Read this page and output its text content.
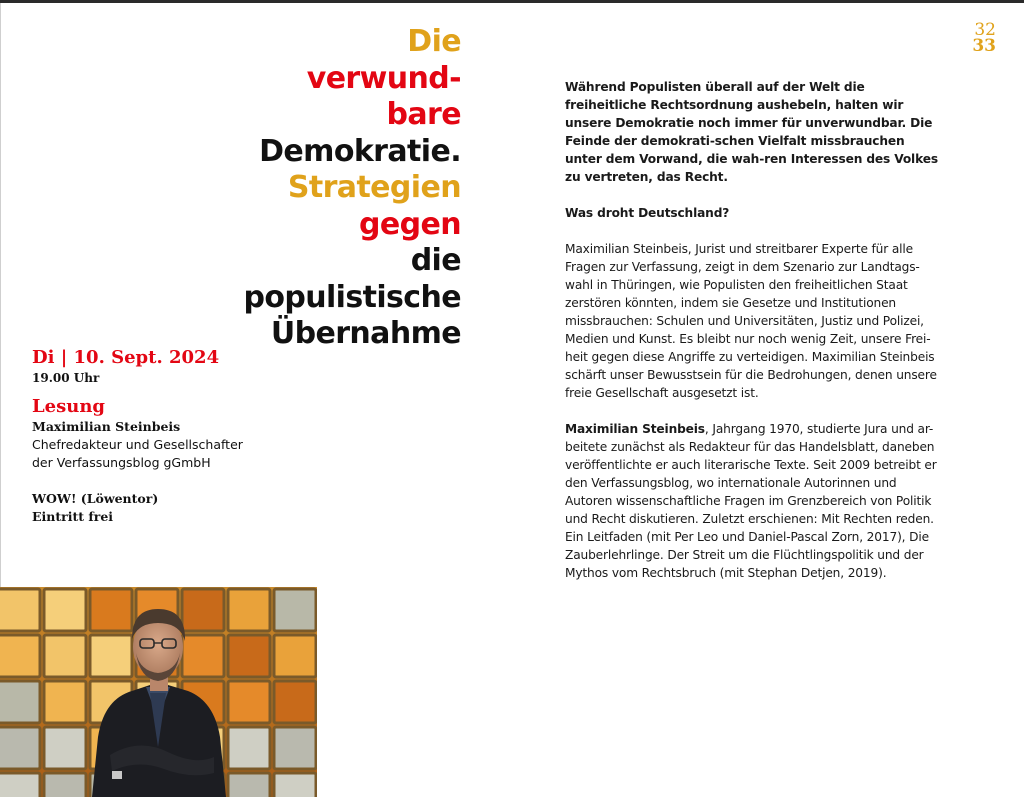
32
33
Die
verwund-
bare
Demokratie.
Strategien
gegen
die
populistische
Übernahme
Di | 10. Sept. 2024
19.00 Uhr
Lesung
Maximilian Steinbeis
Chefredakteur und Gesellschafter
der Verfassungsblog gGmbH
WOW! (Löwentor)
Eintritt frei

Während Populisten überall auf der Welt die freiheitliche Rechtsordnung aushebeln, halten wir unsere Demokratie noch immer für unverwundbar. Die Feinde der demokrati-schen Vielfalt missbrauchen unter dem Vorwand, die wah-ren Interessen des Volkes zu vertreten, das Recht.

Was droht Deutschland?

Maximilian Steinbeis, Jurist und streitbarer Experte für alle Fragen zur Verfassung, zeigt in dem Szenario zur Landtags-wahl in Thüringen, wie Populisten den freiheitlichen Staat zerstören könnten, indem sie Gesetze und Institutionen missbrauchen: Schulen und Universitäten, Justiz und Polizei, Medien und Kunst. Es bleibt nur noch wenig Zeit, unsere Frei-heit gegen diese Angriffe zu verteidigen. Maximilian Steinbeis schärft unser Bewusstsein für die Bedrohungen, denen unsere freie Gesellschaft ausgesetzt ist.

Maximilian Steinbeis, Jahrgang 1970, studierte Jura und ar-beitete zunächst als Redakteur für das Handelsblatt, daneben veröffentlichte er auch literarische Texte. Seit 2009 betreibt er den Verfassungsblog, wo internationale Autorinnen und Autoren wissenschaftliche Fragen im Grenzbereich von Politik und Recht diskutieren. Zuletzt erschienen: Mit Rechten reden. Ein Leitfaden (mit Per Leo und Daniel-Pascal Zorn, 2017), Die Zauberlehrlinge. Der Streit um die Flüchtlingspolitik und der Mythos vom Rechtsbruch (mit Stephan Detjen, 2019).
